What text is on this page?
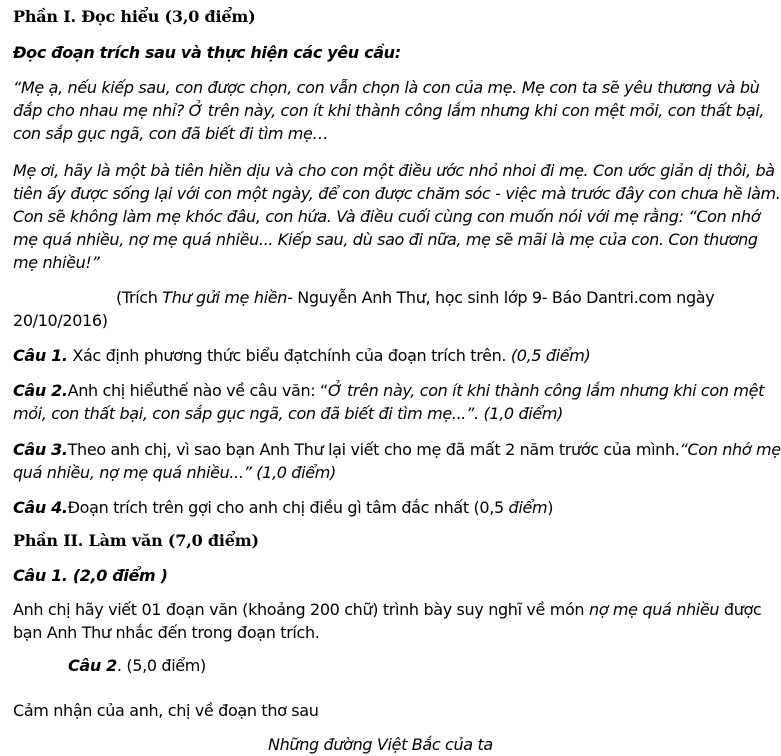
Phần I. Đọc hiểu (3,0 điểm)
Đọc đoạn trích sau và thực hiện các yêu cầu:
“Mẹ ạ, nếu kiếp sau, con được chọn, con vẫn chọn là con của mẹ. Mẹ con ta sẽ yêu thương và bù
đắp cho nhau mẹ nhỉ? Ở trên này, con ít khi thành công lắm nhưng khi con mệt mỏi, con thất bại,
con sắp gục ngã, con đã biết đi tìm mẹ…
Mẹ ơi, hãy là một bà tiên hiền dịu và cho con một điều ước nhỏ nhoi đi mẹ. Con ước giản dị thôi, bà
tiên ấy được sống lại với con một ngày, để con được chăm sóc - việc mà trước đây con chưa hề làm.
Con sẽ không làm mẹ khóc đâu, con hứa. Và điều cuối cùng con muốn nói với mẹ rằng: “Con nhớ
mẹ quá nhiều, nợ mẹ quá nhiều... Kiếp sau, dù sao đi nữa, mẹ sẽ mãi là mẹ của con. Con thương
mẹ nhiều!”
(Trích Thư gửi mẹ hiền- Nguyễn Anh Thư, học sinh lớp 9- Báo Dantri.com ngày
20/10/2016)
Câu 1. Xác định phương thức biểu đạtchính của đoạn trích trên. (0,5 điểm)
Câu 2.Anh chị hiểuthế nào về câu văn: “Ở trên này, con ít khi thành công lắm nhưng khi con mệt
mỏi, con thất bại, con sắp gục ngã, con đã biết đi tìm mẹ...”. (1,0 điểm)
Câu 3.Theo anh chị, vì sao bạn Anh Thư lại viết cho mẹ đã mất 2 năm trước của mình.“Con nhớ mẹ
quá nhiều, nợ mẹ quá nhiều...” (1,0 điểm)
Câu 4.Đoạn trích trên gợi cho anh chị điều gì tâm đắc nhất (0,5 điểm)
Phần II. Làm văn (7,0 điểm)
Câu 1. (2,0 điểm )
Anh chị hãy viết 01 đoạn văn (khoảng 200 chữ) trình bày suy nghĩ về món nợ mẹ quá nhiều được
bạn Anh Thư nhắc đến trong đoạn trích.
Câu 2. (5,0 điểm)
Cảm nhận của anh, chị về đoạn thơ sau
Những đường Việt Bắc của ta
